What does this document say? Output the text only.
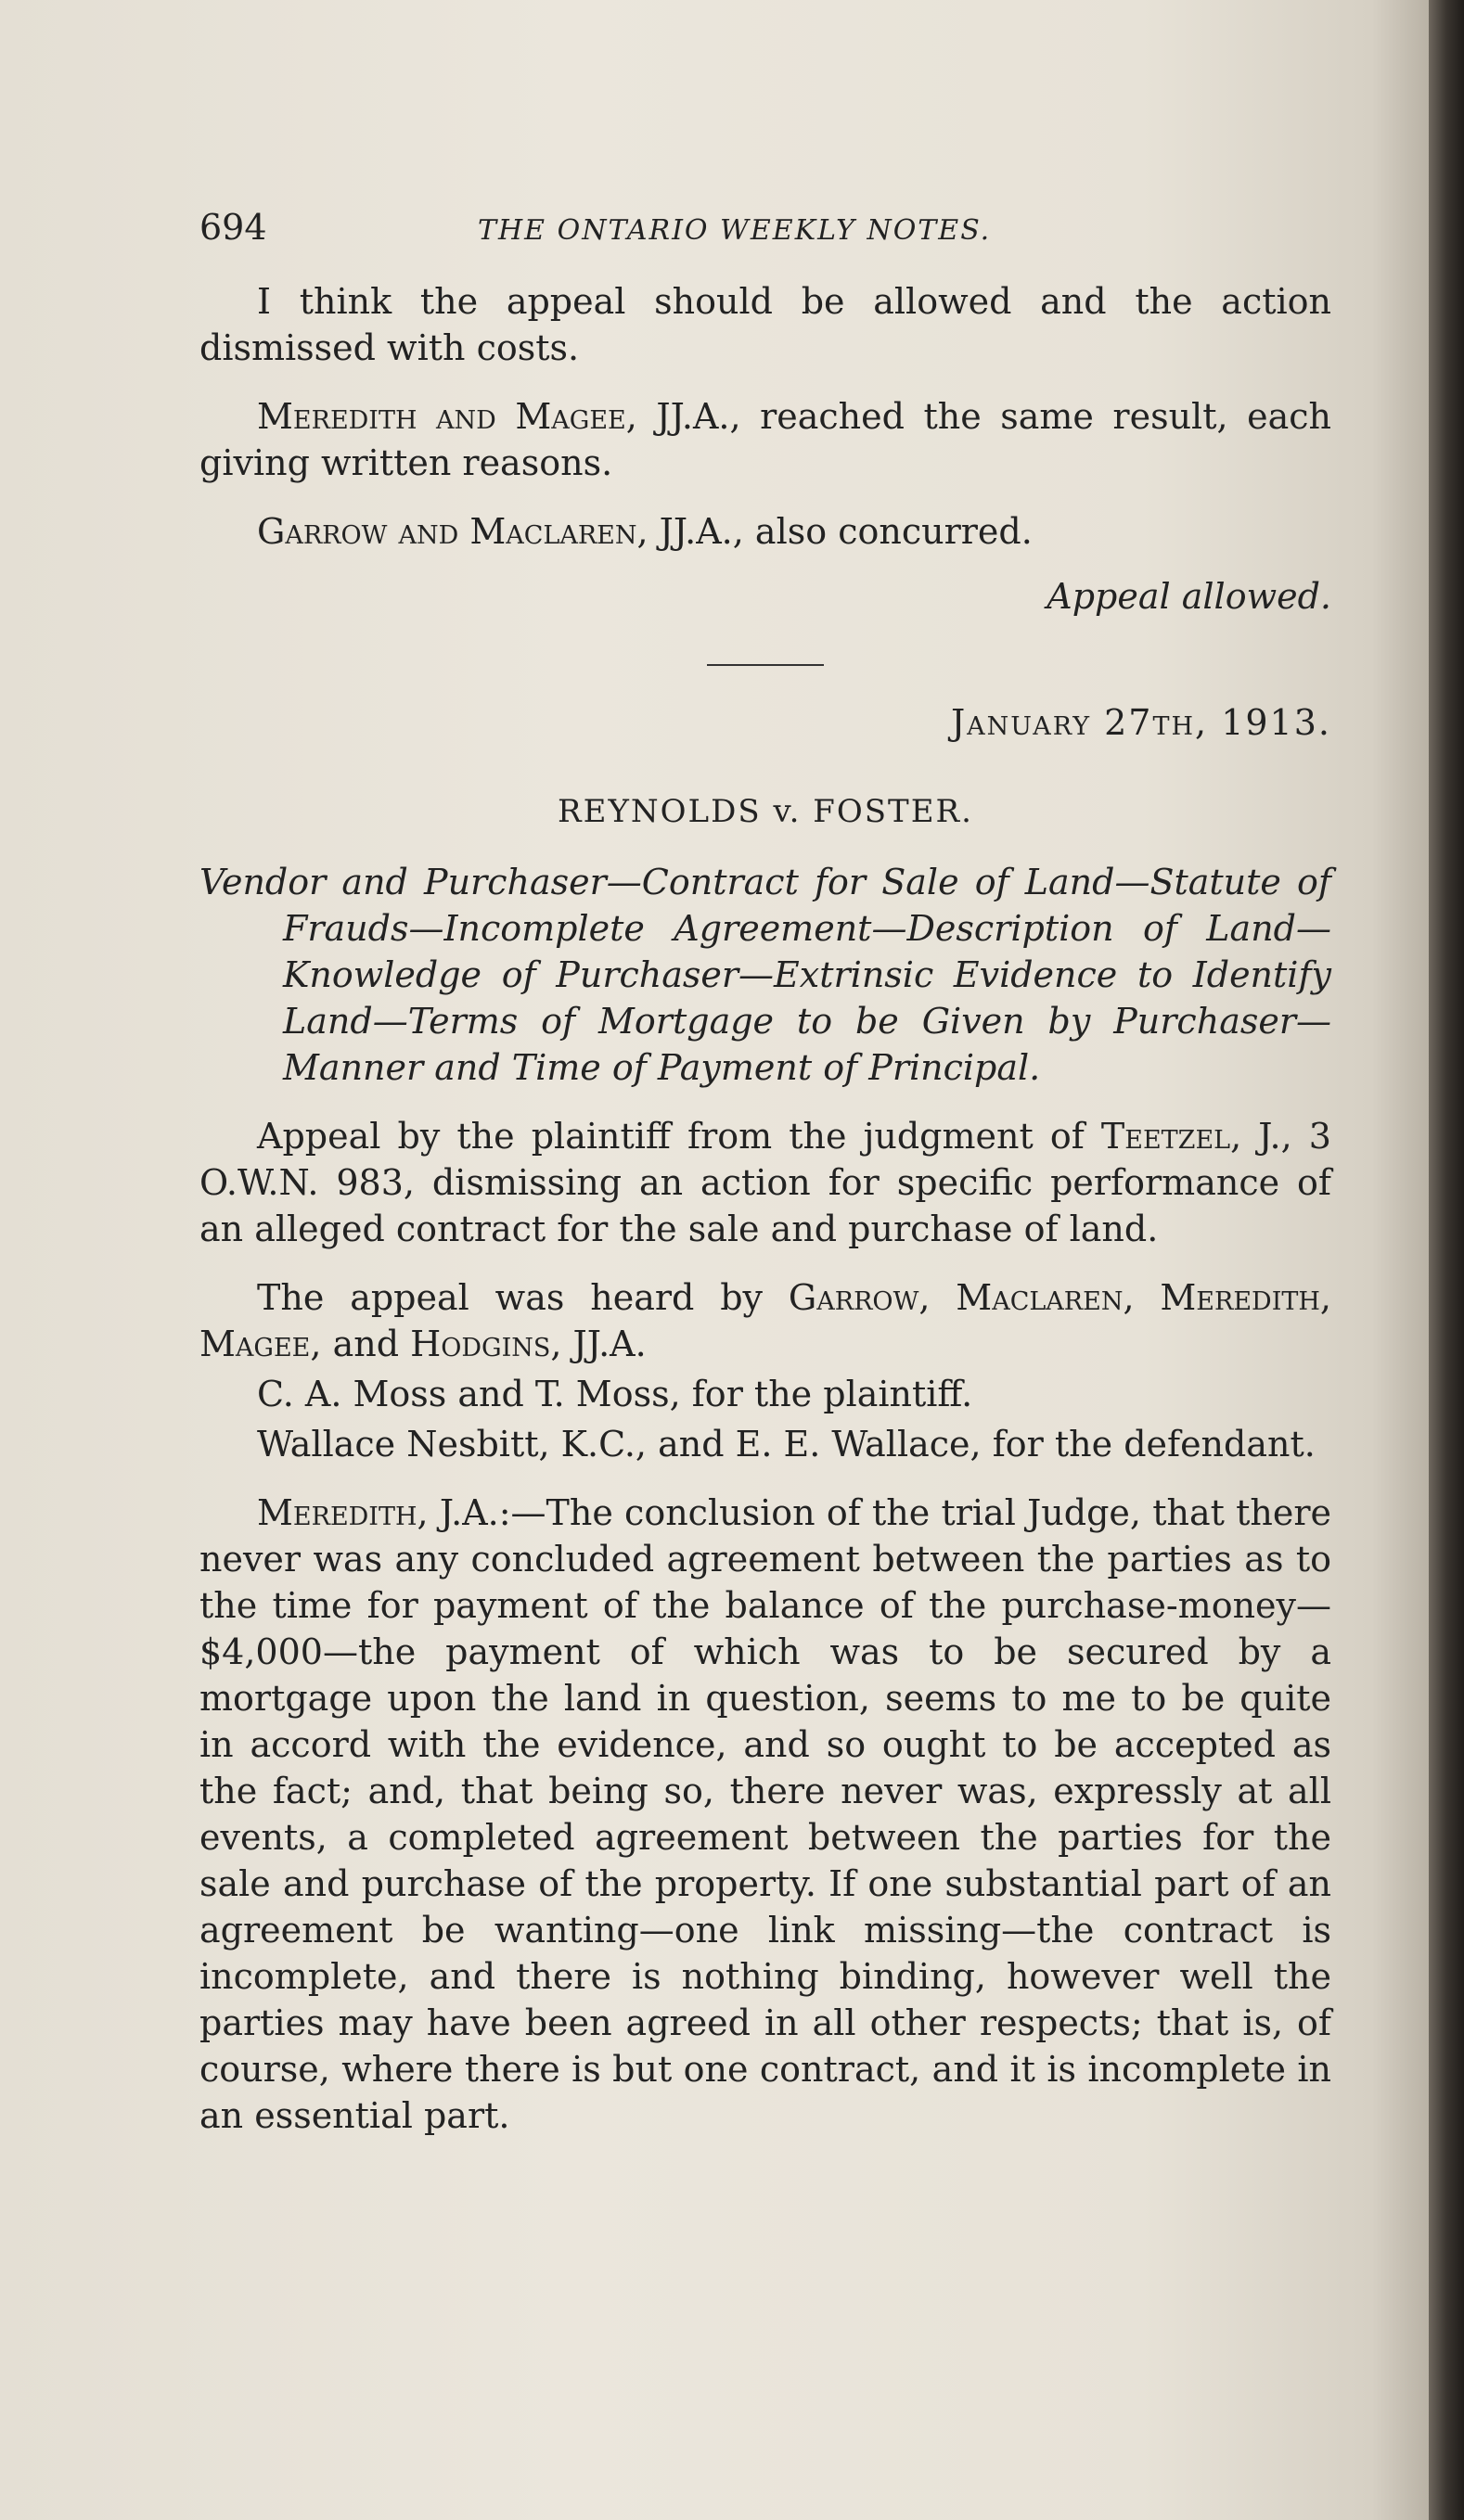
694	THE ONTARIO WEEKLY NOTES.

I think the appeal should be allowed and the action dismissed with costs.

Meredith and Magee, JJ.A., reached the same result, each giving written reasons.

Garrow and Maclaren, JJ.A., also concurred.

Appeal allowed.

January 27th, 1913.

REYNOLDS v. FOSTER.

Vendor and Purchaser—Contract for Sale of Land—Statute of Frauds—Incomplete Agreement—Description of Land—Knowledge of Purchaser—Extrinsic Evidence to Identify Land—Terms of Mortgage to be Given by Purchaser—Manner and Time of Payment of Principal.

Appeal by the plaintiff from the judgment of Teetzel, J., 3 O.W.N. 983, dismissing an action for specific performance of an alleged contract for the sale and purchase of land.

The appeal was heard by Garrow, Maclaren, Meredith, Magee, and Hodgins, JJ.A.

C. A. Moss and T. Moss, for the plaintiff.

Wallace Nesbitt, K.C., and E. E. Wallace, for the defendant.

Meredith, J.A.:—The conclusion of the trial Judge, that there never was any concluded agreement between the parties as to the time for payment of the balance of the purchase-money—$4,000—the payment of which was to be secured by a mortgage upon the land in question, seems to me to be quite in accord with the evidence, and so ought to be accepted as the fact; and, that being so, there never was, expressly at all events, a completed agreement between the parties for the sale and purchase of the property. If one substantial part of an agreement be wanting—one link missing—the contract is incomplete, and there is nothing binding, however well the parties may have been agreed in all other respects; that is, of course, where there is but one contract, and it is incomplete in an essential part.
